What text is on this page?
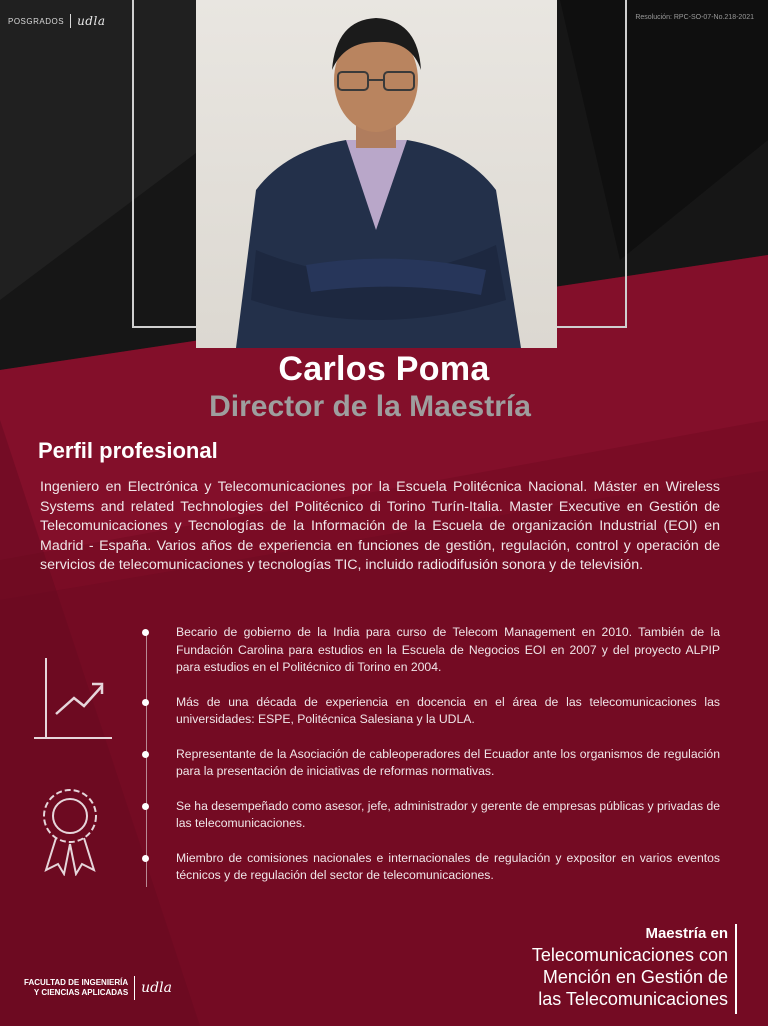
POSGRADOS udla	Resolución: RPC-SO-07-No.218-2021
Carlos Poma
Director de la Maestría
Perfil profesional
Ingeniero en Electrónica y Telecomunicaciones por la Escuela Politécnica Nacional. Máster en Wireless Systems and related Technologies del Politécnico di Torino Turín-Italia. Master Executive en Gestión de Telecomunicaciones y Tecnologías de la Información de la Escuela de organización Industrial (EOI) en Madrid - España. Varios años de experiencia en funciones de gestión, regulación, control y operación de servicios de telecomunicaciones y tecnologías TIC, incluido radiodifusión sonora y de televisión.
Becario de gobierno de la India para curso de Telecom Management en 2010. También de la Fundación Carolina para estudios en la Escuela de Negocios EOI en 2007 y del proyecto ALPIP para estudios en el Politécnico di Torino en 2004.
Más de una década de experiencia en docencia en el área de las telecomunicaciones las universidades: ESPE, Politécnica Salesiana y la UDLA.
Representante de la Asociación de cableoperadores del Ecuador ante los organismos de regulación para la presentación de iniciativas de reformas normativas.
Se ha desempeñado como asesor, jefe, administrador y gerente de empresas públicas y privadas de las telecomunicaciones.
Miembro de comisiones nacionales e internacionales de regulación y expositor en varios eventos técnicos y de regulación del sector de telecomunicaciones.
Maestría en
Telecomunicaciones con
Mención en Gestión de
las Telecomunicaciones
FACULTAD DE INGENIERÍA
Y CIENCIAS APLICADAS udla
